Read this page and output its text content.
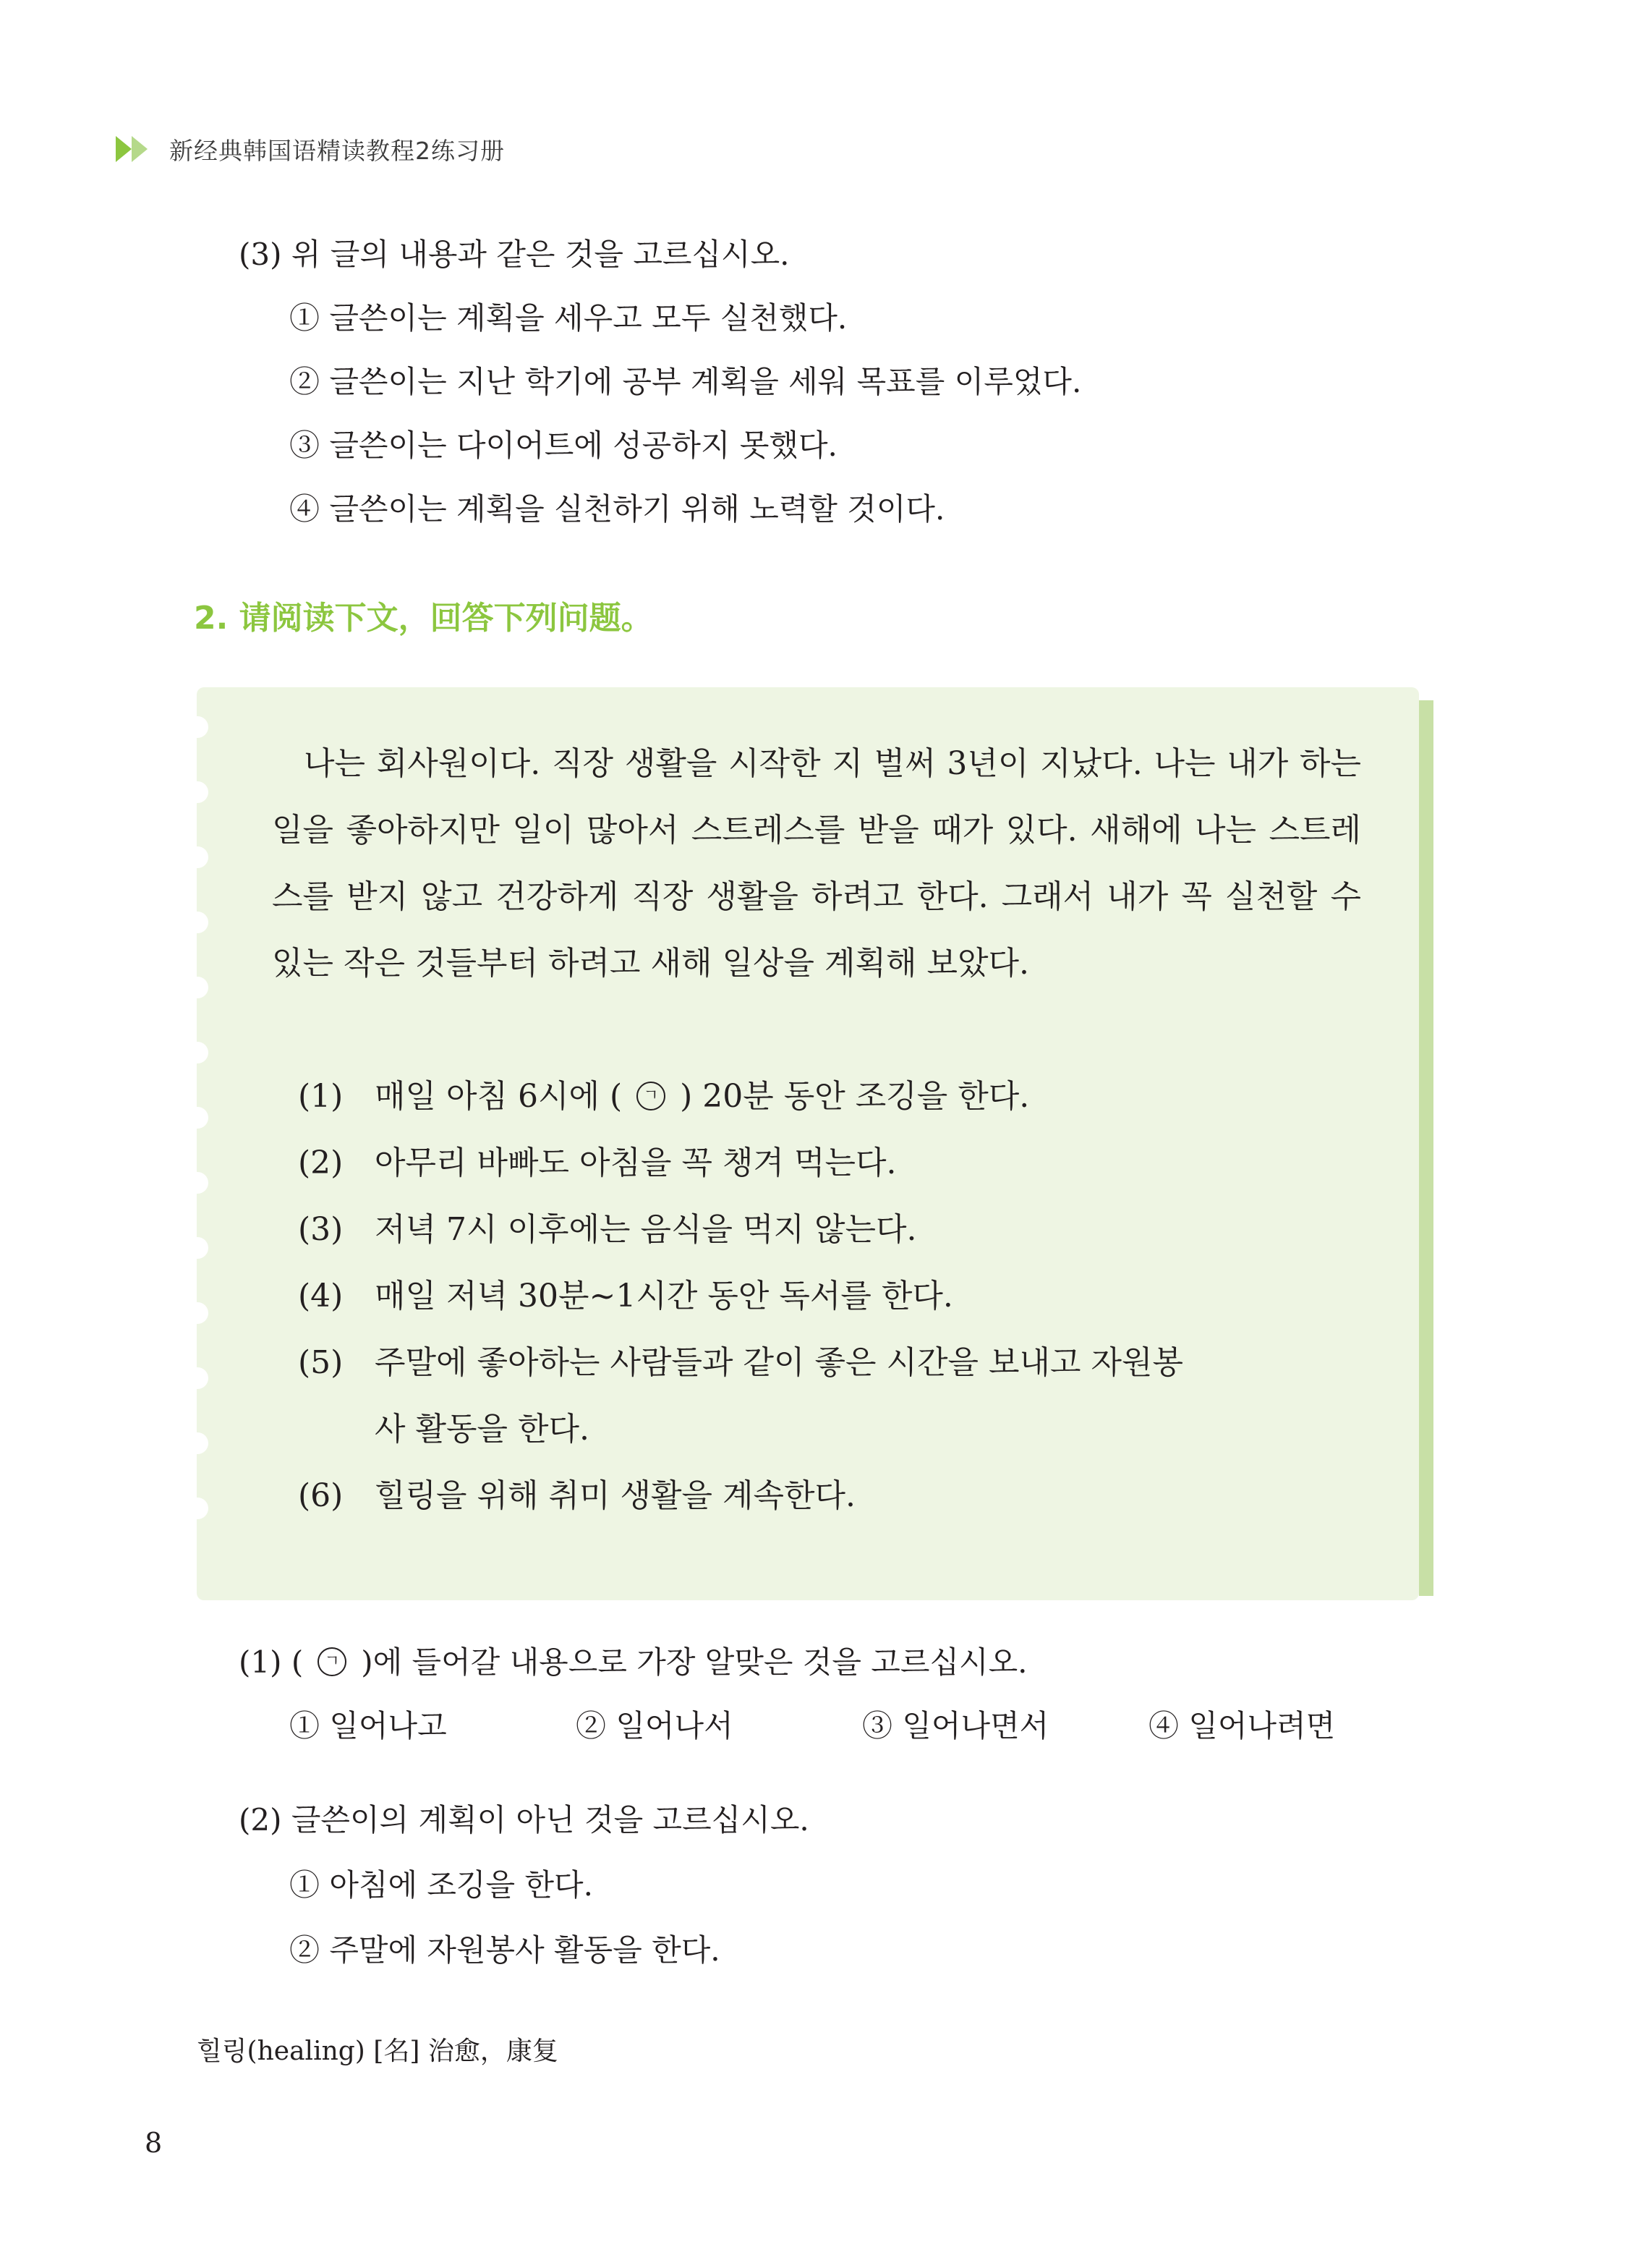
新经典韩国语精读教程2练习册
(3) 위 글의 내용과 같은 것을 고르십시오.
① 글쓴이는 계획을 세우고 모두 실천했다.
② 글쓴이는 지난 학기에 공부 계획을 세워 목표를 이루었다.
③ 글쓴이는 다이어트에 성공하지 못했다.
④ 글쓴이는 계획을 실천하기 위해 노력할 것이다.
2. 请阅读下文，回答下列问题。

나는 회사원이다. 직장 생활을 시작한 지 벌써 3년이 지났다. 나는 내가 하는 일을 좋아하지만 일이 많아서 스트레스를 받을 때가 있다. 새해에 나는 스트레스를 받지 않고 건강하게 직장 생활을 하려고 한다. 그래서 내가 꼭 실천할 수 있는 작은 것들부터 하려고 새해 일상을 계획해 보았다.

(1) 매일 아침 6시에 ( ㄱ ) 20분 동안 조깅을 한다.
(2) 아무리 바빠도 아침을 꼭 챙겨 먹는다.
(3) 저녁 7시 이후에는 음식을 먹지 않는다.
(4) 매일 저녁 30분~1시간 동안 독서를 한다.
(5) 주말에 좋아하는 사람들과 같이 좋은 시간을 보내고 자원봉
사 활동을 한다.
(6) 힐링을 위해 취미 생활을 계속한다.
(1) ( ㄱ )에 들어갈 내용으로 가장 알맞은 것을 고르십시오.
① 일어나고	② 일어나서	③ 일어나면서	④ 일어나려면
(2) 글쓴이의 계획이 아닌 것을 고르십시오.
① 아침에 조깅을 한다.
② 주말에 자원봉사 활동을 한다.
힐링(healing) [名] 治愈，康复
8
